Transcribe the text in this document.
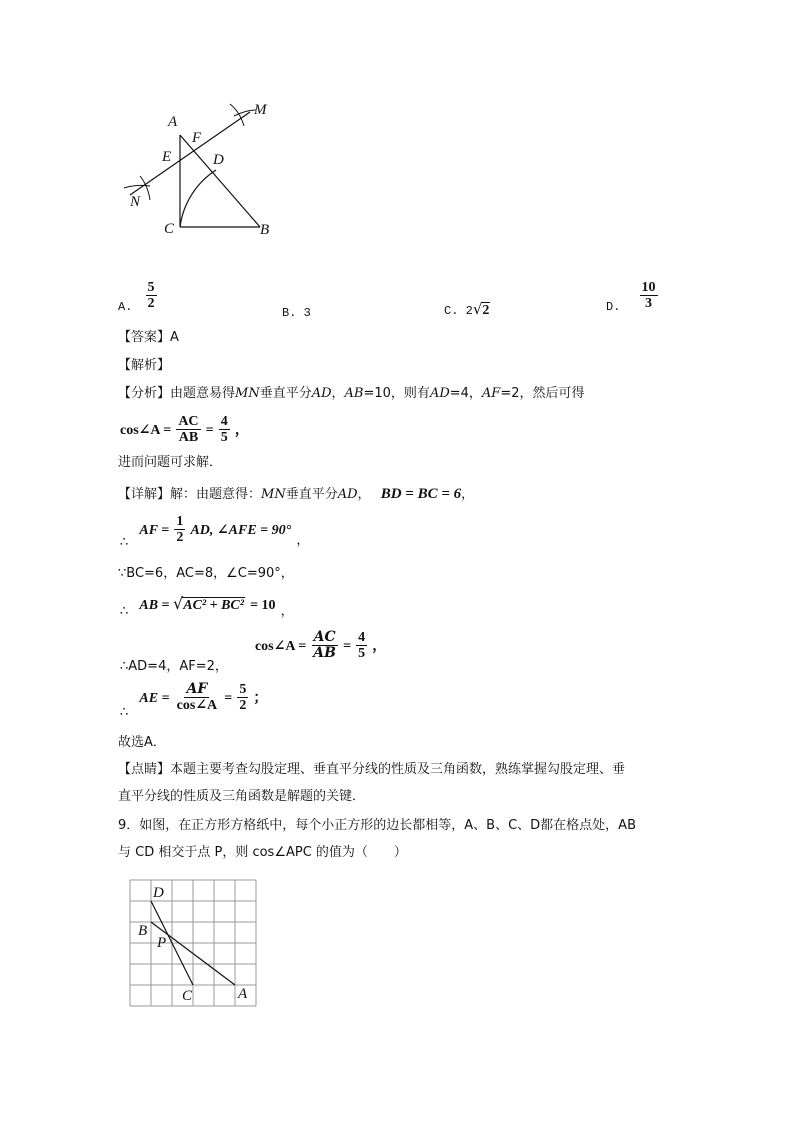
A
F
M
E	D
N
C	B
$_{A.} \frac{5}{2}$
B. 3	C. 2√2	$_{D.} \frac{10}{3}$
【答案】A
【解析】
【分析】由题意易得MN垂直平分AD，AB=10，则有AD=4，AF=2，然后可得
cos∠A = $\frac{AC}{AB} = \frac{4}{5}$ ，
进而问题可求解．
【详解】解：由题意得：MN垂直平分AD， BD = BC = 6，
$_\therefore$ AF = $\frac{1}{2}$ AD, ∠AFE = 90° $_,$
∵BC=6，AC=8，∠C=90°，
$_\therefore$ AB = √AC² + BC² = 10 $_,$
$_{\therefore AD=4,AF=2,}$ cos∠A = $\frac{AC}{AB} = \frac{4}{5}$ ，
$_\therefore$ AE = $\frac{AF}{\cos\angle A} = \frac{5}{2}$ ；
故选A．
【点睛】本题主要考查勾股定理、垂直平分线的性质及三角函数，熟练掌握勾股定理、垂
直平分线的性质及三角函数是解题的关键．
9．如图，在正方形方格纸中，每个小正方形的边长都相等，A、B、C、D都在格点处，AB
与 CD 相交于点 P，则 cos∠APC 的值为（　　）
D
B
P
C	A
